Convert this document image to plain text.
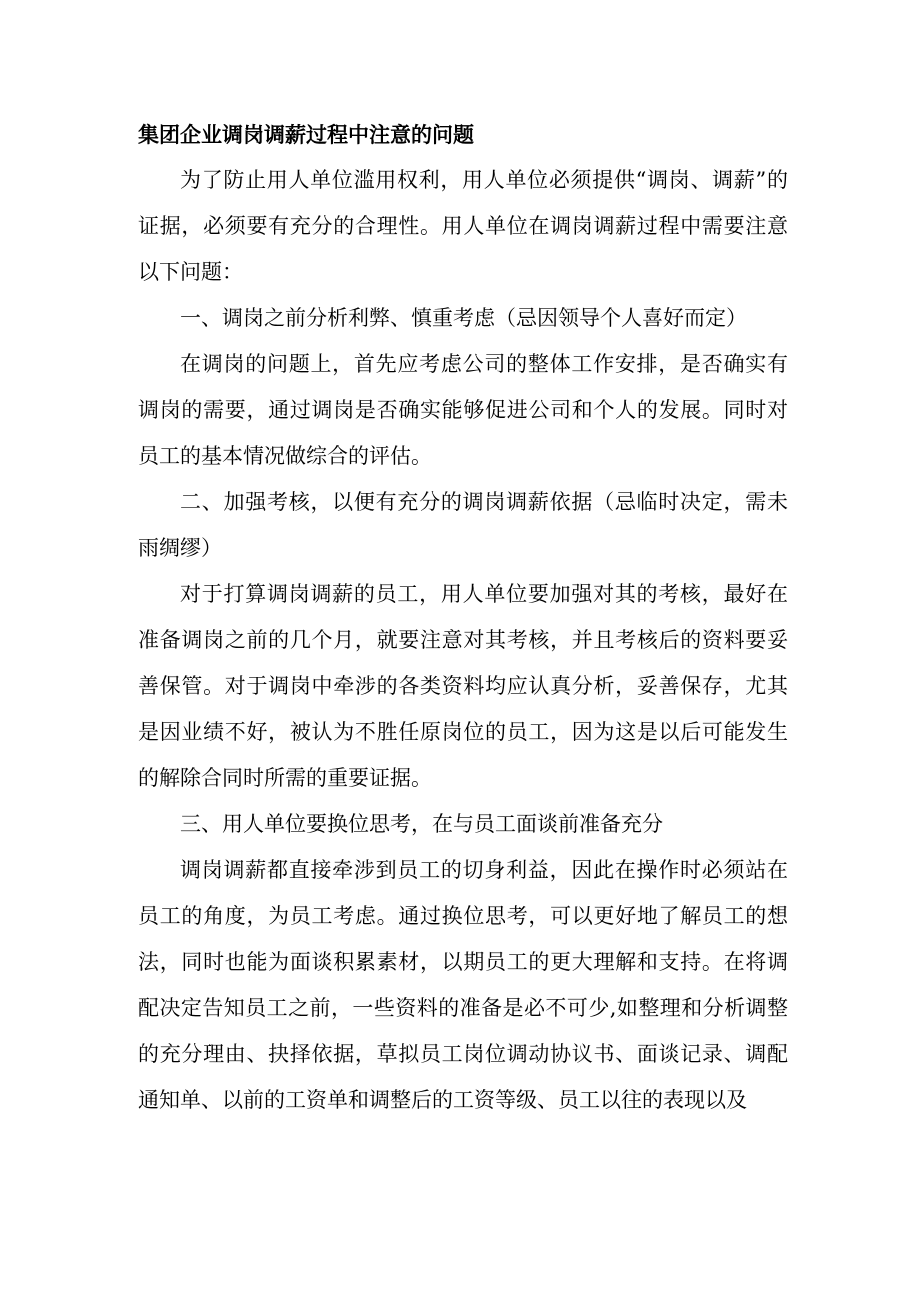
集团企业调岗调薪过程中注意的问题

为了防止用人单位滥用权利，用人单位必须提供“调岗、调薪”的证据，必须要有充分的合理性。用人单位在调岗调薪过程中需要注意以下问题：

一、调岗之前分析利弊、慎重考虑（忌因领导个人喜好而定）

在调岗的问题上，首先应考虑公司的整体工作安排，是否确实有调岗的需要，通过调岗是否确实能够促进公司和个人的发展。同时对员工的基本情况做综合的评估。

二、加强考核，以便有充分的调岗调薪依据（忌临时决定，需未雨绸缪）

对于打算调岗调薪的员工，用人单位要加强对其的考核，最好在准备调岗之前的几个月，就要注意对其考核，并且考核后的资料要妥善保管。对于调岗中牵涉的各类资料均应认真分析，妥善保存，尤其是因业绩不好，被认为不胜任原岗位的员工，因为这是以后可能发生的解除合同时所需的重要证据。

三、用人单位要换位思考，在与员工面谈前准备充分

调岗调薪都直接牵涉到员工的切身利益，因此在操作时必须站在员工的角度，为员工考虑。通过换位思考，可以更好地了解员工的想法，同时也能为面谈积累素材，以期员工的更大理解和支持。在将调配决定告知员工之前，一些资料的准备是必不可少,如整理和分析调整的充分理由、抉择依据，草拟员工岗位调动协议书、面谈记录、调配通知单、以前的工资单和调整后的工资等级、员工以往的表现以及
